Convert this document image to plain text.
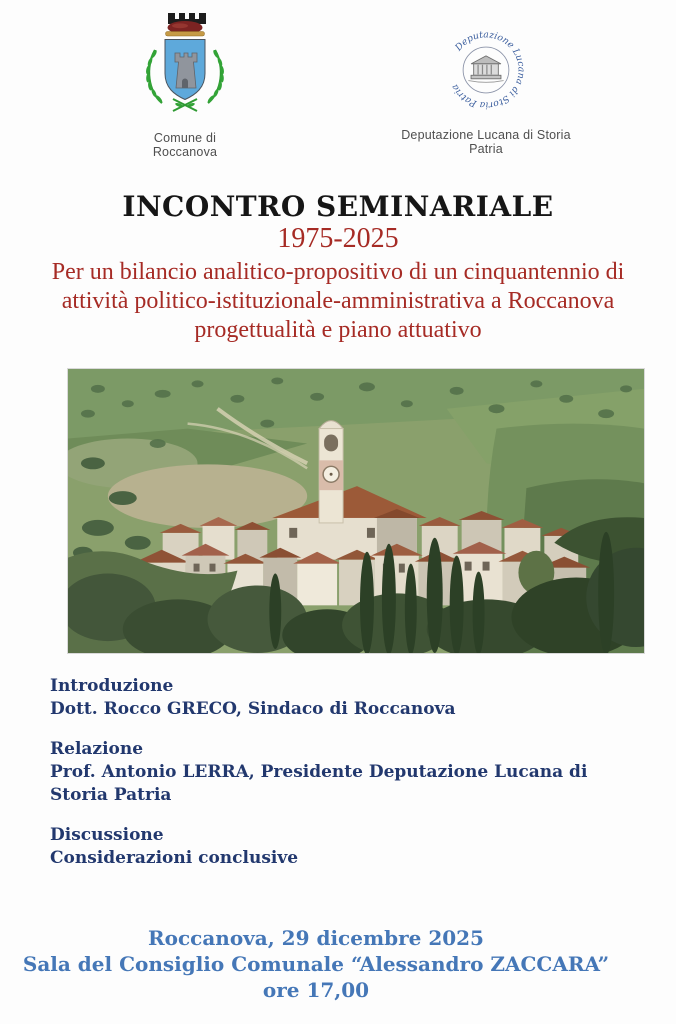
Comune di Roccanova
Deputazione Lucana di Storia Patria
Deputazione Lucana di Storia Patria
INCONTRO SEMINARIALE
1975-2025
Per un bilancio analitico-propositivo di un cinquantennio di
attività politico-istituzionale-amministrativa a Roccanova
progettualità e piano attuativo
Introduzione
Dott. Rocco GRECO, Sindaco di Roccanova
Relazione
Prof. Antonio LERRA, Presidente Deputazione Lucana di Storia Patria
Discussione
Considerazioni conclusive
Roccanova, 29 dicembre 2025
Sala del Consiglio Comunale “Alessandro ZACCARA”
ore 17,00
